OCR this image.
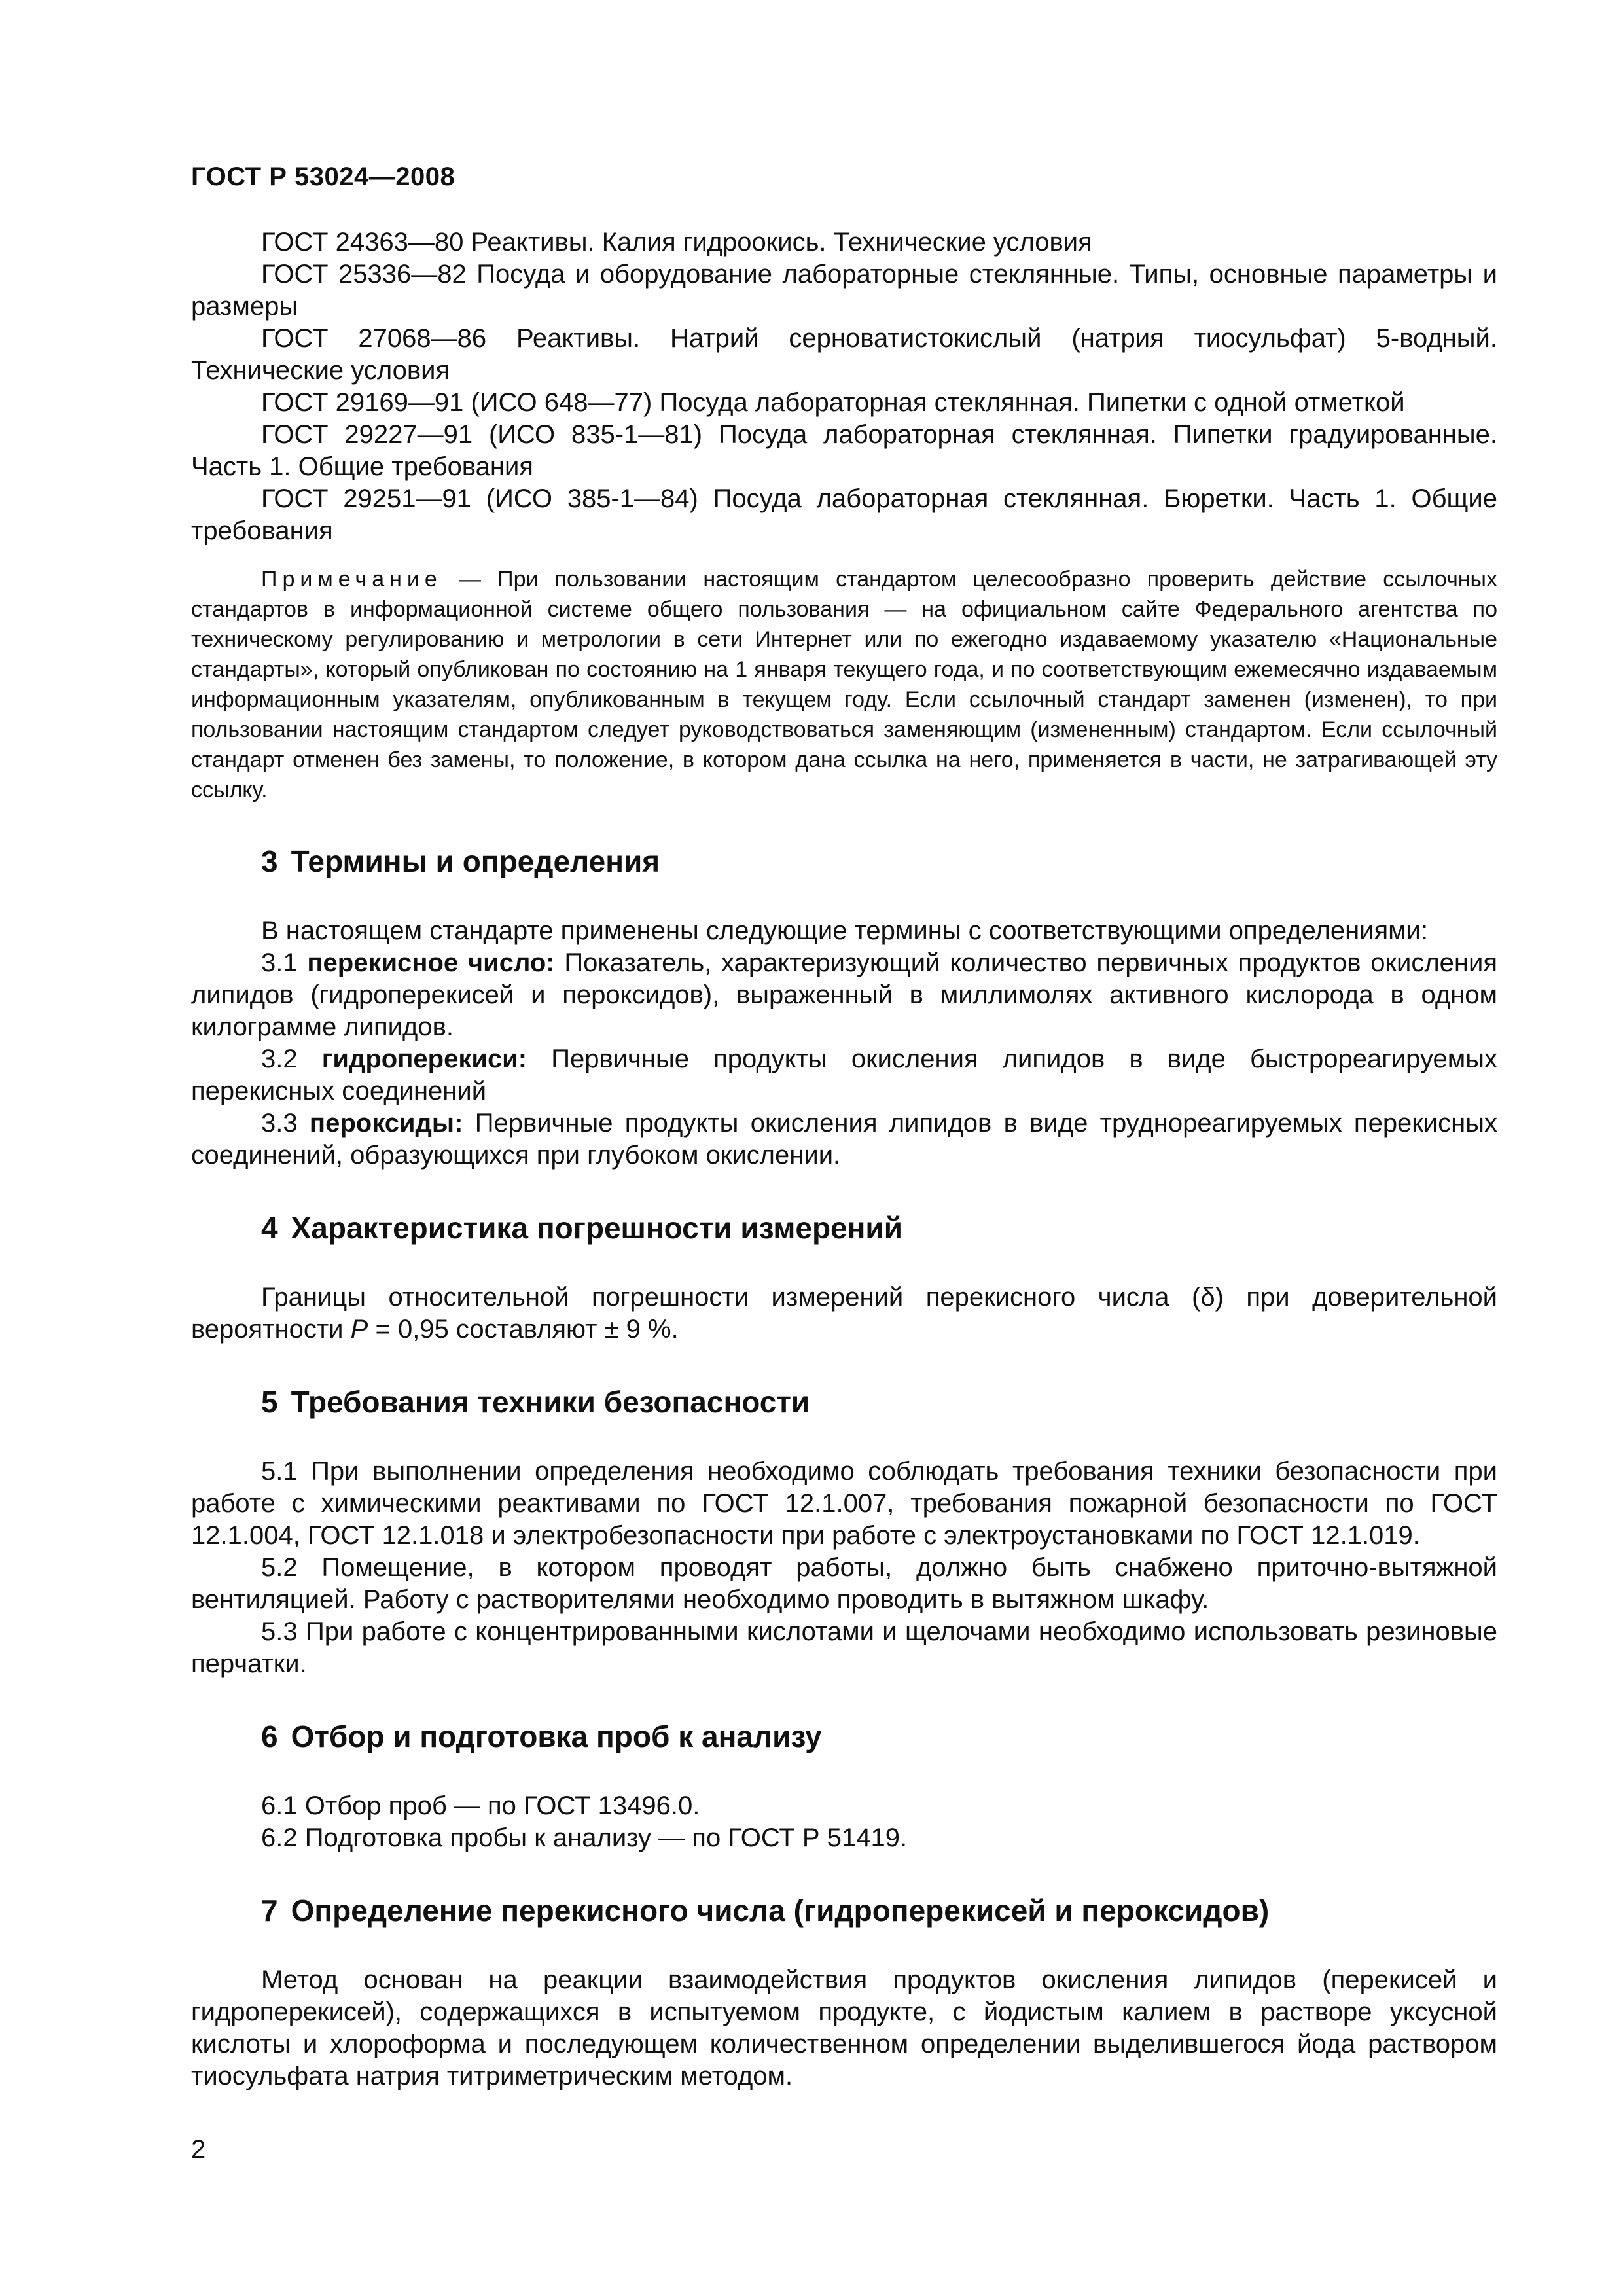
ГОСТ Р 53024—2008

ГОСТ 24363—80 Реактивы. Калия гидроокись. Технические условия

ГОСТ 25336—82 Посуда и оборудование лабораторные стеклянные. Типы, основные параметры и размеры

ГОСТ 27068—86 Реактивы. Натрий серноватистокислый (натрия тиосульфат) 5-водный. Технические условия

ГОСТ 29169—91 (ИСО 648—77) Посуда лабораторная стеклянная. Пипетки с одной отметкой

ГОСТ 29227—91 (ИСО 835-1—81) Посуда лабораторная стеклянная. Пипетки градуированные. Часть 1. Общие требования

ГОСТ 29251—91 (ИСО 385-1—84) Посуда лабораторная стеклянная. Бюретки. Часть 1. Общие требования

Примечание — При пользовании настоящим стандартом целесообразно проверить действие ссылочных стандартов в информационной системе общего пользования — на официальном сайте Федерального агентства по техническому регулированию и метрологии в сети Интернет или по ежегодно издаваемому указателю «Национальные стандарты», который опубликован по состоянию на 1 января текущего года, и по соответствующим ежемесячно издаваемым информационным указателям, опубликованным в текущем году. Если ссылочный стандарт заменен (изменен), то при пользовании настоящим стандартом следует руководствоваться заменяющим (измененным) стандартом. Если ссылочный стандарт отменен без замены, то положение, в котором дана ссылка на него, применяется в части, не затрагивающей эту ссылку.
3 Термины и определения

В настоящем стандарте применены следующие термины с соответствующими определениями:

3.1 перекисное число: Показатель, характеризующий количество первичных продуктов окисления липидов (гидроперекисей и пероксидов), выраженный в миллимолях активного кислорода в одном килограмме липидов.

3.2 гидроперекиси: Первичные продукты окисления липидов в виде быстрореагируемых перекисных соединений

3.3 пероксиды: Первичные продукты окисления липидов в виде труднореагируемых перекисных соединений, образующихся при глубоком окислении.

4 Характеристика погрешности измерений

Границы относительной погрешности измерений перекисного числа (δ) при доверительной вероятности P = 0,95 составляют ± 9 %.

5 Требования техники безопасности

5.1 При выполнении определения необходимо соблюдать требования техники безопасности при работе с химическими реактивами по ГОСТ 12.1.007, требования пожарной безопасности по ГОСТ 12.1.004, ГОСТ 12.1.018 и электробезопасности при работе с электроустановками по ГОСТ 12.1.019.

5.2 Помещение, в котором проводят работы, должно быть снабжено приточно-вытяжной вентиляцией. Работу с растворителями необходимо проводить в вытяжном шкафу.

5.3 При работе с концентрированными кислотами и щелочами необходимо использовать резиновые перчатки.

6 Отбор и подготовка проб к анализу

6.1 Отбор проб — по ГОСТ 13496.0.

6.2 Подготовка пробы к анализу — по ГОСТ Р 51419.

7 Определение перекисного числа (гидроперекисей и пероксидов)

Метод основан на реакции взаимодействия продуктов окисления липидов (перекисей и гидроперекисей), содержащихся в испытуемом продукте, с йодистым калием в растворе уксусной кислоты и хлороформа и последующем количественном определении выделившегося йода раствором тиосульфата натрия титриметрическим методом.

2
